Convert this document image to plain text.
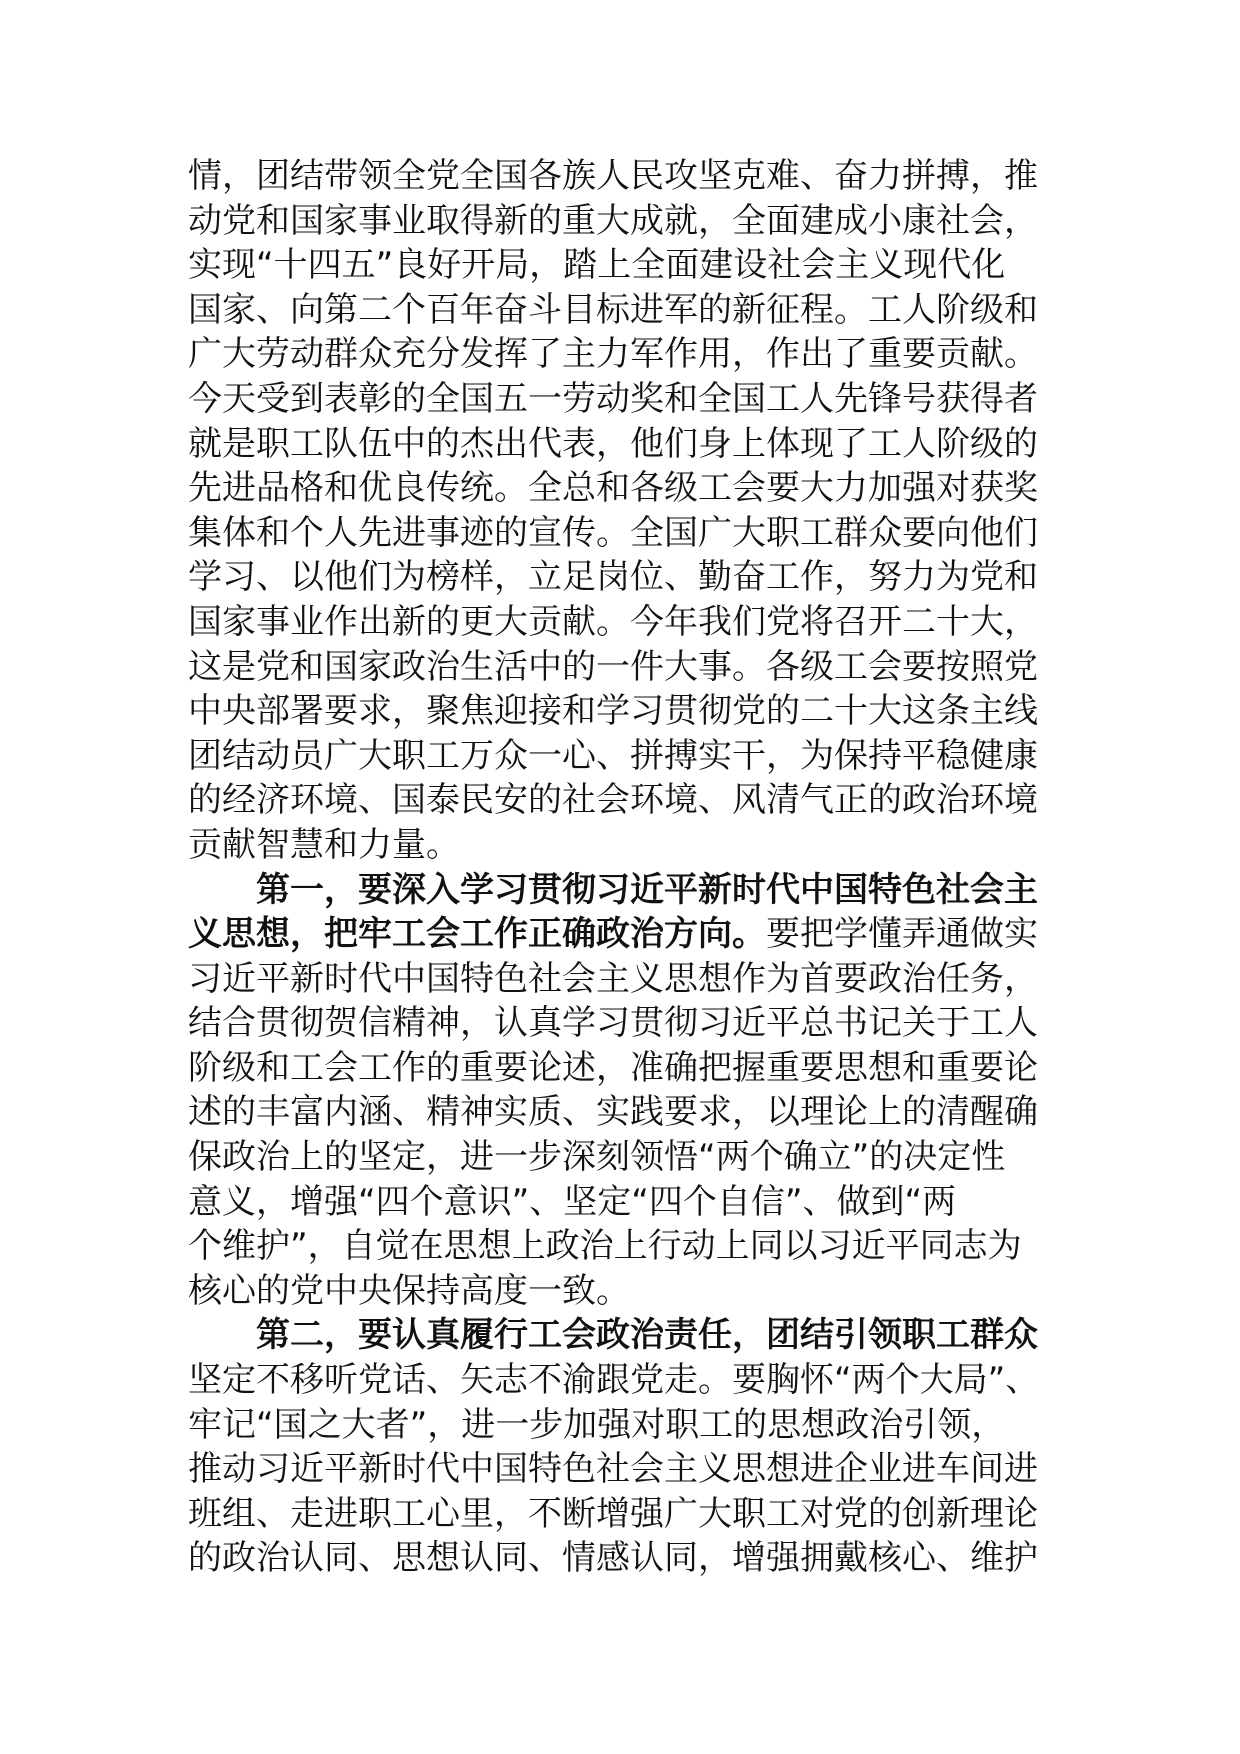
情，团结带领全党全国各族人民攻坚克难、奋力拼搏，推
动党和国家事业取得新的重大成就，全面建成小康社会，
实现“十四五”良好开局，踏上全面建设社会主义现代化
国家、向第二个百年奋斗目标进军的新征程。工人阶级和
广大劳动群众充分发挥了主力军作用，作出了重要贡献。
今天受到表彰的全国五一劳动奖和全国工人先锋号获得者
就是职工队伍中的杰出代表，他们身上体现了工人阶级的
先进品格和优良传统。全总和各级工会要大力加强对获奖
集体和个人先进事迹的宣传。全国广大职工群众要向他们
学习、以他们为榜样，立足岗位、勤奋工作，努力为党和
国家事业作出新的更大贡献。今年我们党将召开二十大，
这是党和国家政治生活中的一件大事。各级工会要按照党
中央部署要求，聚焦迎接和学习贯彻党的二十大这条主线
团结动员广大职工万众一心、拼搏实干，为保持平稳健康
的经济环境、国泰民安的社会环境、风清气正的政治环境
贡献智慧和力量。
第一，要深入学习贯彻习近平新时代中国特色社会主
义思想，把牢工会工作正确政治方向。要把学懂弄通做实
习近平新时代中国特色社会主义思想作为首要政治任务，
结合贯彻贺信精神，认真学习贯彻习近平总书记关于工人
阶级和工会工作的重要论述，准确把握重要思想和重要论
述的丰富内涵、精神实质、实践要求，以理论上的清醒确
保政治上的坚定，进一步深刻领悟“两个确立”的决定性
意义，增强“四个意识”、坚定“四个自信”、做到“两
个维护”，自觉在思想上政治上行动上同以习近平同志为
核心的党中央保持高度一致。
第二，要认真履行工会政治责任，团结引领职工群众
坚定不移听党话、矢志不渝跟党走。要胸怀“两个大局”、
牢记“国之大者”，进一步加强对职工的思想政治引领，
推动习近平新时代中国特色社会主义思想进企业进车间进
班组、走进职工心里，不断增强广大职工对党的创新理论
的政治认同、思想认同、情感认同，增强拥戴核心、维护
